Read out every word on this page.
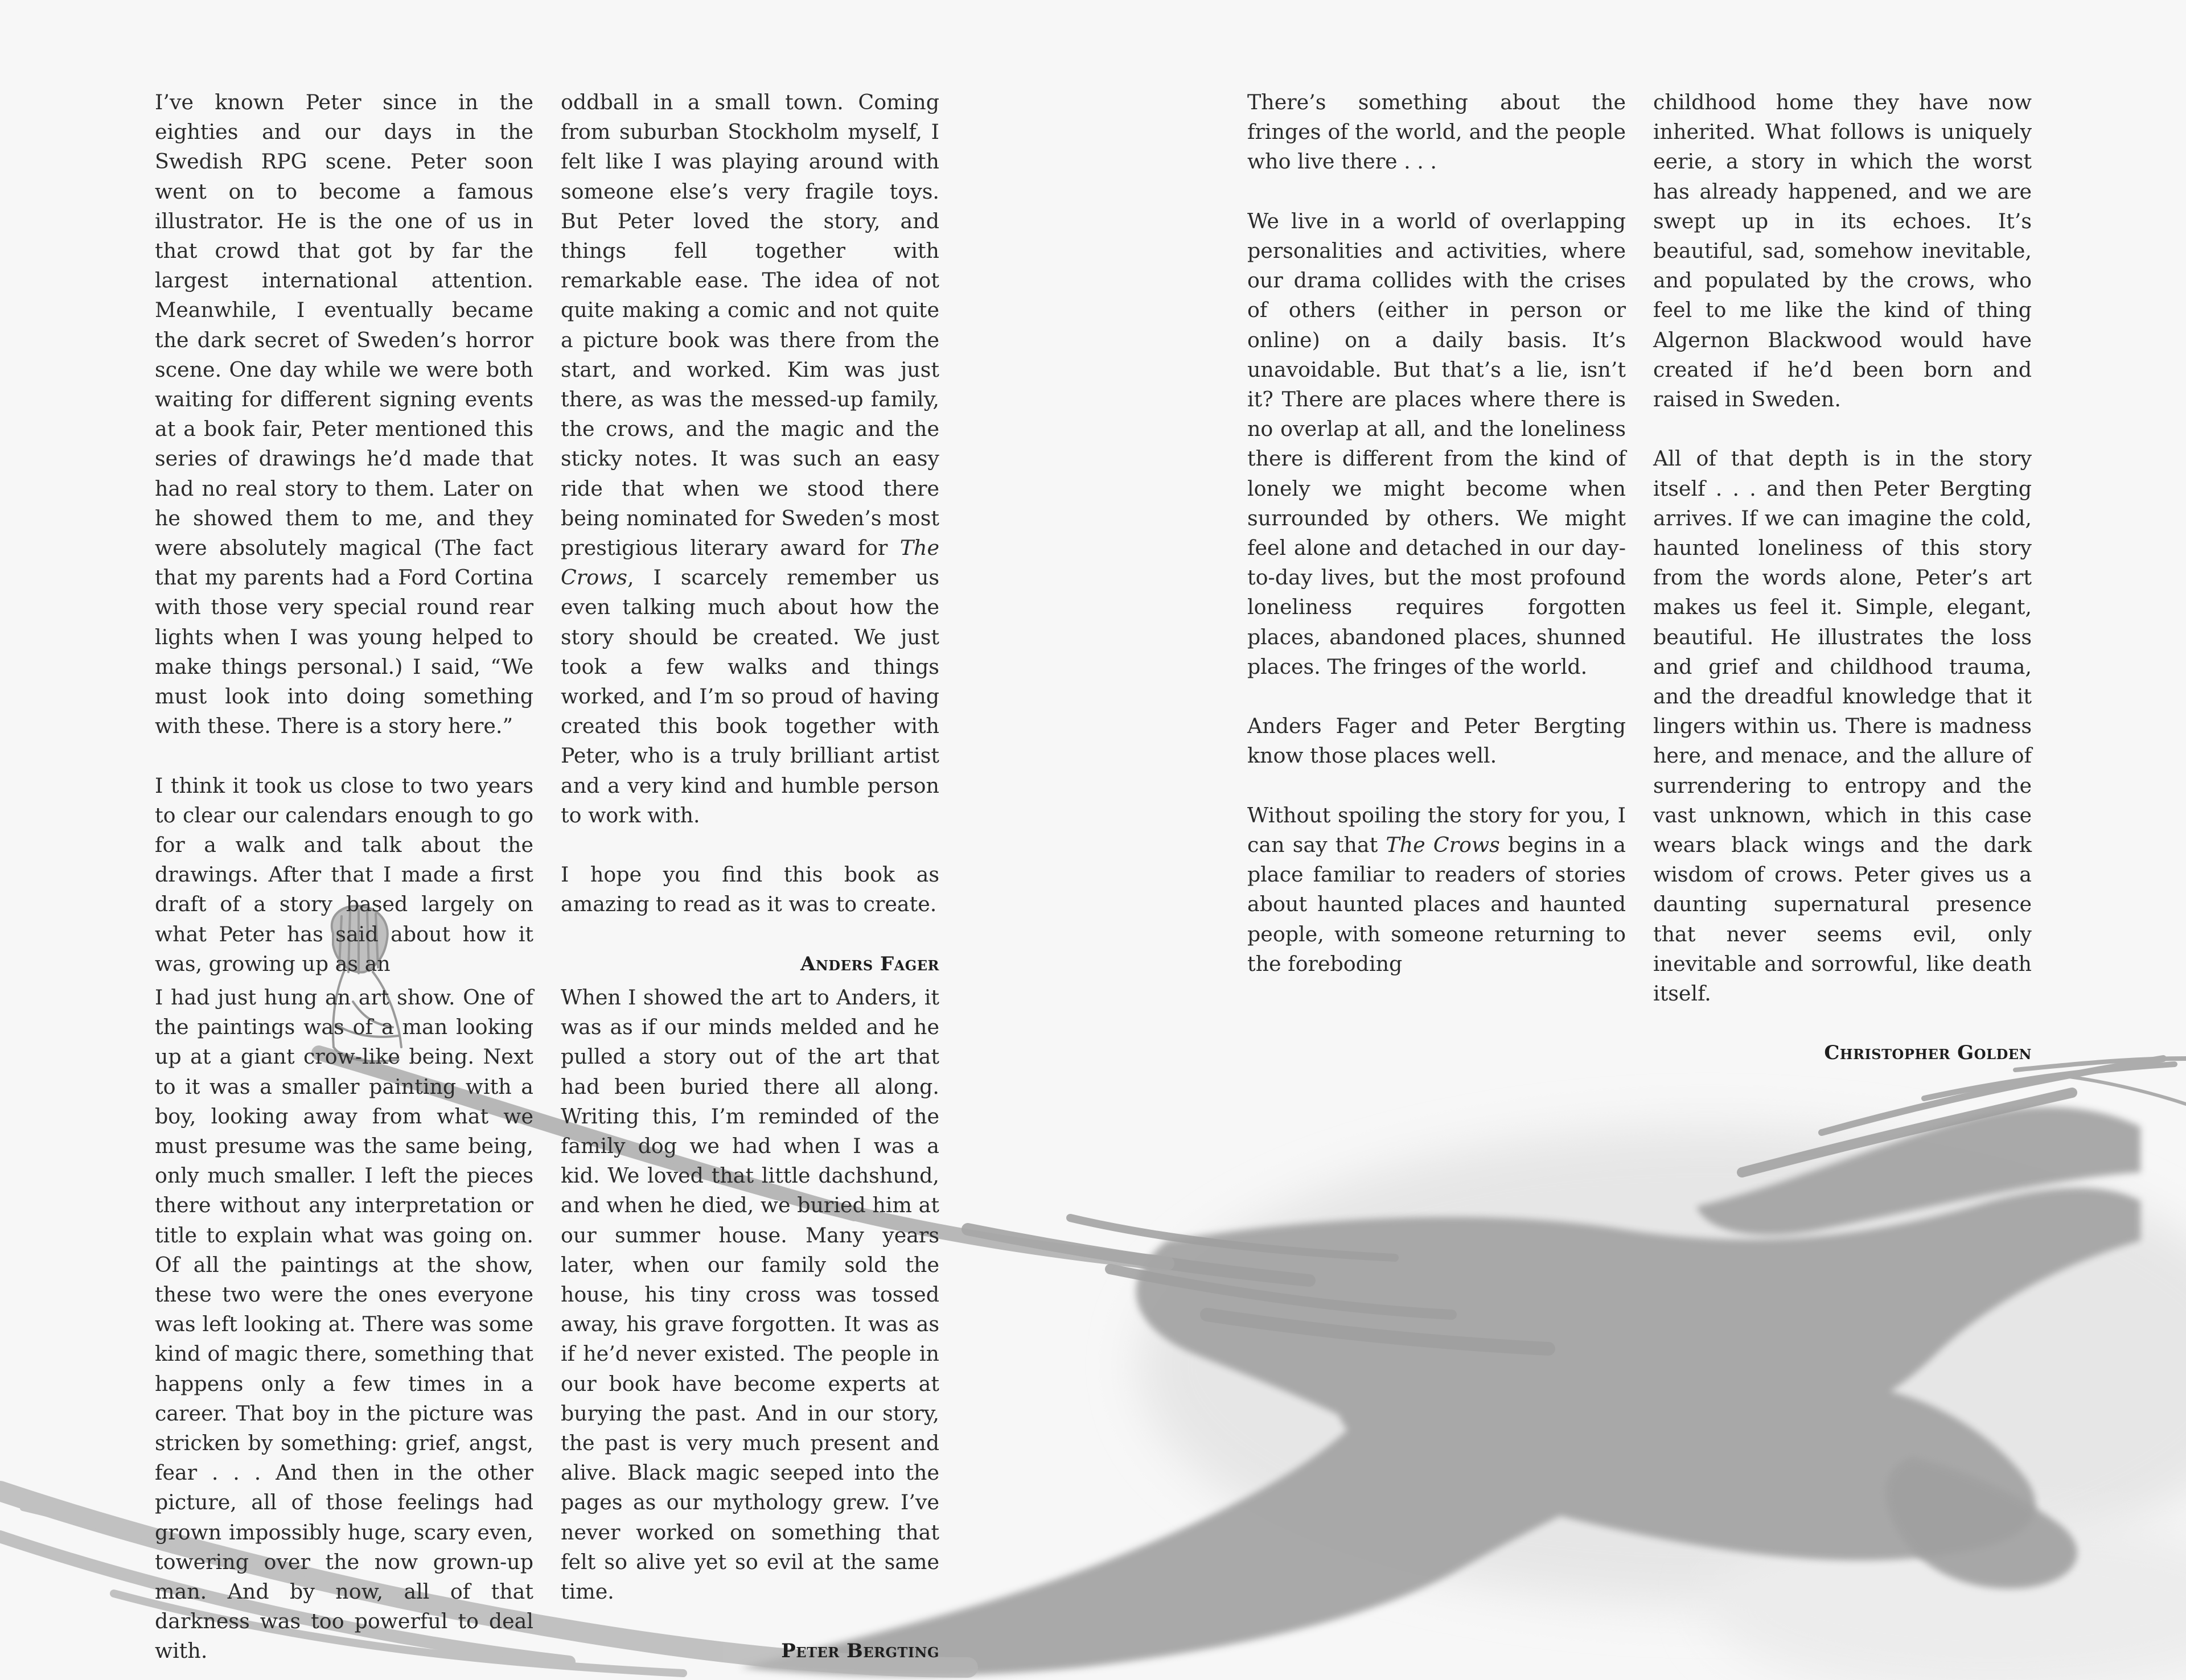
I’ve known Peter since in the eighties and our days in the Swedish RPG scene. Peter soon went on to become a famous illustrator. He is the one of us in that crowd that got by far the largest international attention. Meanwhile, I eventually became the dark secret of Sweden’s horror scene. One day while we were both waiting for different signing events at a book fair, Peter mentioned this series of drawings he’d made that had no real story to them. Later on he showed them to me, and they were absolutely magical (The fact that my parents had a Ford Cortina with those very special round rear lights when I was young helped to make things personal.) I said, “We must look into doing something with these. There is a story here.”

I think it took us close to two years to clear our calendars enough to go for a walk and talk about the drawings. After that I made a first draft of a story based largely on what Peter has said about how it was, growing up as an

oddball in a small town. Coming from suburban Stockholm myself, I felt like I was playing around with someone else’s very fragile toys. But Peter loved the story, and things fell together with remarkable ease. The idea of not quite making a comic and not quite a picture book was there from the start, and worked. Kim was just there, as was the messed-up family, the crows, and the magic and the sticky notes. It was such an easy ride that when we stood there being nominated for Sweden’s most prestigious literary award for The Crows, I scarcely remember us even talking much about how the story should be created. We just took a few walks and things worked, and I’m so proud of having created this book together with Peter, who is a truly brilliant artist and a very kind and humble person to work with.

I hope you find this book as amazing to read as it was to create.

Anders Fager

I had just hung an art show. One of the paintings was of a man looking up at a giant crow-like being. Next to it was a smaller painting with a boy, looking away from what we must presume was the same being, only much smaller. I left the pieces there without any interpretation or title to explain what was going on. Of all the paintings at the show, these two were the ones everyone was left looking at. There was some kind of magic there, something that happens only a few times in a career. That boy in the picture was stricken by something: grief, angst, fear . . . And then in the other picture, all of those feelings had grown impossibly huge, scary even, towering over the now grown-up man. And by now, all of that darkness was too powerful to deal with.

When I showed the art to Anders, it was as if our minds melded and he pulled a story out of the art that had been buried there all along. Writing this, I’m reminded of the family dog we had when I was a kid. We loved that little dachshund, and when he died, we buried him at our summer house. Many years later, when our family sold the house, his tiny cross was tossed away, his grave forgotten. It was as if he’d never existed. The people in our book have become experts at burying the past. And in our story, the past is very much present and alive. Black magic seeped into the pages as our mythology grew. I’ve never worked on something that felt so alive yet so evil at the same time.

Peter Bergting

There’s something about the fringes of the world, and the people who live there . . .

We live in a world of overlapping personalities and activities, where our drama collides with the crises of others (either in person or online) on a daily basis. It’s unavoidable. But that’s a lie, isn’t it? There are places where there is no overlap at all, and the loneliness there is different from the kind of lonely we might become when surrounded by others. We might feel alone and detached in our day-to-day lives, but the most profound loneliness requires forgotten places, abandoned places, shunned places. The fringes of the world.

Anders Fager and Peter Bergting know those places well.

Without spoiling the story for you, I can say that The Crows begins in a place familiar to readers of stories about haunted places and haunted people, with someone returning to the foreboding

childhood home they have now inherited. What follows is uniquely eerie, a story in which the worst has already happened, and we are swept up in its echoes. It’s beautiful, sad, somehow inevitable, and populated by the crows, who feel to me like the kind of thing Algernon Blackwood would have created if he’d been born and raised in Sweden.

All of that depth is in the story itself . . . and then Peter Bergting arrives. If we can imagine the cold, haunted loneliness of this story from the words alone, Peter’s art makes us feel it. Simple, elegant, beautiful. He illustrates the loss and grief and childhood trauma, and the dreadful knowledge that it lingers within us. There is madness here, and menace, and the allure of surrendering to entropy and the vast unknown, which in this case wears black wings and the dark wisdom of crows. Peter gives us a daunting supernatural presence that never seems evil, only inevitable and sorrowful, like death itself.

Christopher Golden
